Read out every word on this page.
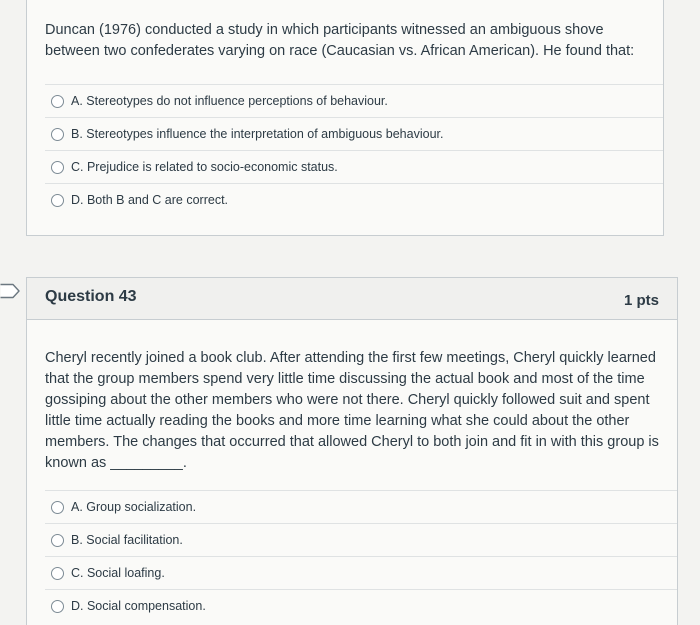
Duncan (1976) conducted a study in which participants witnessed an ambiguous shove between two confederates varying on race (Caucasian vs. African American). He found that:
A. Stereotypes do not influence perceptions of behaviour.
B. Stereotypes influence the interpretation of ambiguous behaviour.
C. Prejudice is related to socio-economic status.
D. Both B and C are correct.
Question 43	1 pts
Cheryl recently joined a book club. After attending the first few meetings, Cheryl quickly learned that the group members spend very little time discussing the actual book and most of the time gossiping about the other members who were not there. Cheryl quickly followed suit and spent little time actually reading the books and more time learning what she could about the other members. The changes that occurred that allowed Cheryl to both join and fit in with this group is known as _________.
A. Group socialization.
B. Social facilitation.
C. Social loafing.
D. Social compensation.
